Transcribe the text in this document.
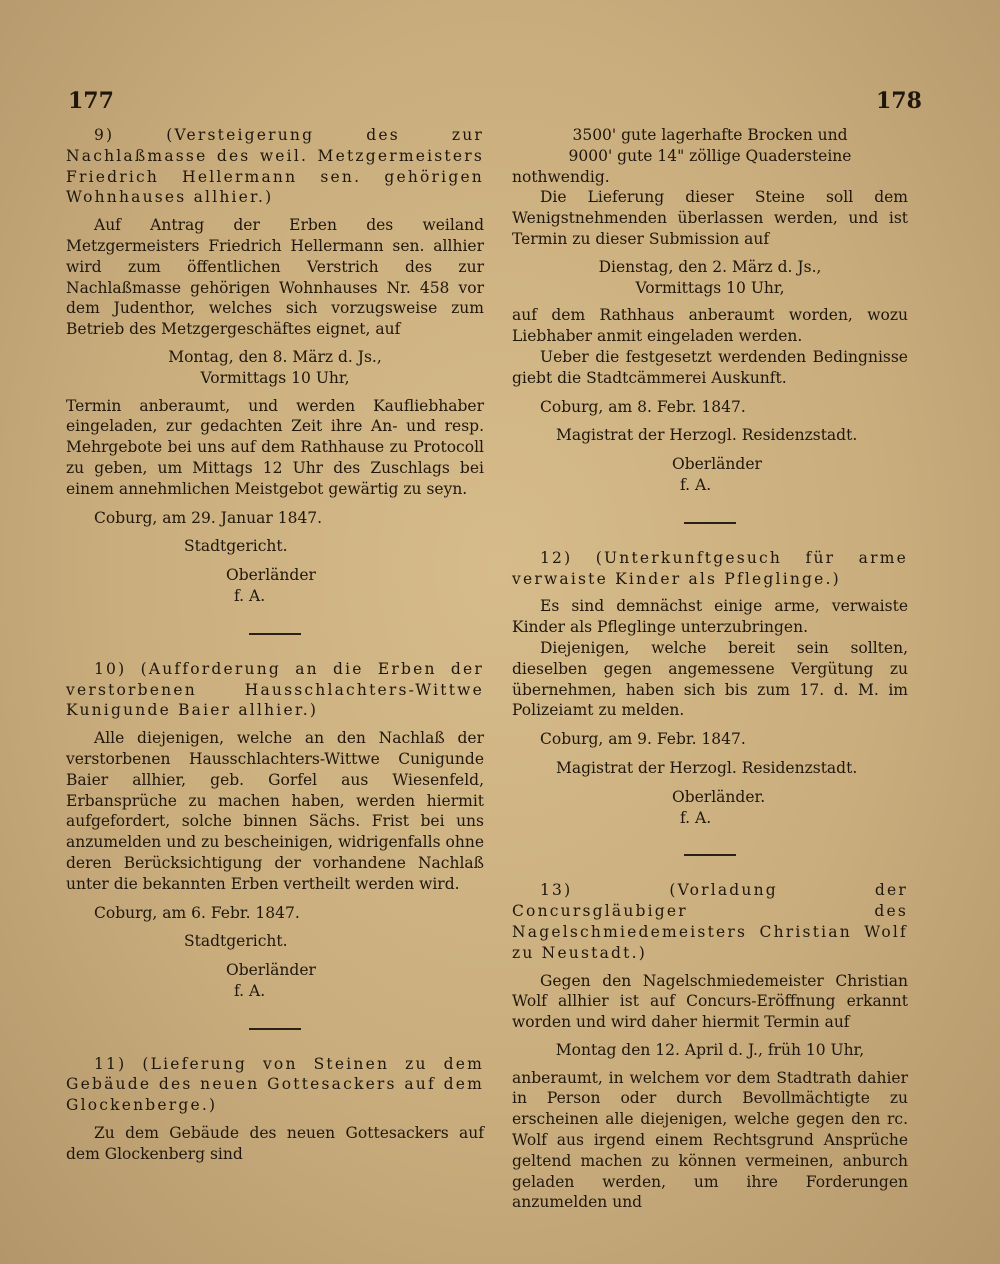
177	178

9) (Versteigerung des zur Nachlaßmasse des weil. Metzgermeisters Friedrich Hellermann sen. gehörigen Wohnhauses allhier.)

Auf Antrag der Erben des weiland Metzgermeisters Friedrich Hellermann sen. allhier wird zum öffentlichen Verstrich des zur Nachlaßmasse gehörigen Wohnhauses Nr. 458 vor dem Judenthor, welches sich vorzugsweise zum Betrieb des Metzgergeschäftes eignet, auf

Montag, den 8. März d. Js.,

Vormittags 10 Uhr,

Termin anberaumt, und werden Kaufliebhaber eingeladen, zur gedachten Zeit ihre An- und resp. Mehrgebote bei uns auf dem Rathhause zu Protocoll zu geben, um Mittags 12 Uhr des Zuschlags bei einem annehmlichen Meistgebot gewärtig zu seyn.

Coburg, am 29. Januar 1847.

Stadtgericht.

Oberländer

f. A.

10) (Aufforderung an die Erben der verstorbenen Hausschlachters-Wittwe Kunigunde Baier allhier.)

Alle diejenigen, welche an den Nachlaß der verstorbenen Hausschlachters-Wittwe Cunigunde Baier allhier, geb. Gorfel aus Wiesenfeld, Erbansprüche zu machen haben, werden hiermit aufgefordert, solche binnen Sächs. Frist bei uns anzumelden und zu bescheinigen, widrigenfalls ohne deren Berücksichtigung der vorhandene Nachlaß unter die bekannten Erben vertheilt werden wird.

Coburg, am 6. Febr. 1847.

Stadtgericht.

Oberländer

f. A.

11) (Lieferung von Steinen zu dem Gebäude des neuen Gottesackers auf dem Glockenberge.)

Zu dem Gebäude des neuen Gottesackers auf dem Glockenberg sind

3500' gute lagerhafte Brocken und

9000' gute 14" zöllige Quadersteine

nothwendig.

Die Lieferung dieser Steine soll dem Wenigstnehmenden überlassen werden, und ist Termin zu dieser Submission auf

Dienstag, den 2. März d. Js.,

Vormittags 10 Uhr,

auf dem Rathhaus anberaumt worden, wozu Liebhaber anmit eingeladen werden.

Ueber die festgesetzt werdenden Bedingnisse giebt die Stadtcämmerei Auskunft.

Coburg, am 8. Febr. 1847.

Magistrat der Herzogl. Residenzstadt.

Oberländer

f. A.

12) (Unterkunftgesuch für arme verwaiste Kinder als Pfleglinge.)

Es sind demnächst einige arme, verwaiste Kinder als Pfleglinge unterzubringen.

Diejenigen, welche bereit sein sollten, dieselben gegen angemessene Vergütung zu übernehmen, haben sich bis zum 17. d. M. im Polizeiamt zu melden.

Coburg, am 9. Febr. 1847.

Magistrat der Herzogl. Residenzstadt.

Oberländer.

f. A.

13) (Vorladung der Concursgläubiger des Nagelschmiedemeisters Christian Wolf zu Neustadt.)

Gegen den Nagelschmiedemeister Christian Wolf allhier ist auf Concurs-Eröffnung erkannt worden und wird daher hiermit Termin auf

Montag den 12. April d. J., früh 10 Uhr,

anberaumt, in welchem vor dem Stadtrath dahier in Person oder durch Bevollmächtigte zu erscheinen alle diejenigen, welche gegen den rc. Wolf aus irgend einem Rechtsgrund Ansprüche geltend machen zu können vermeinen, anburch geladen werden, um ihre Forderungen anzumelden und
